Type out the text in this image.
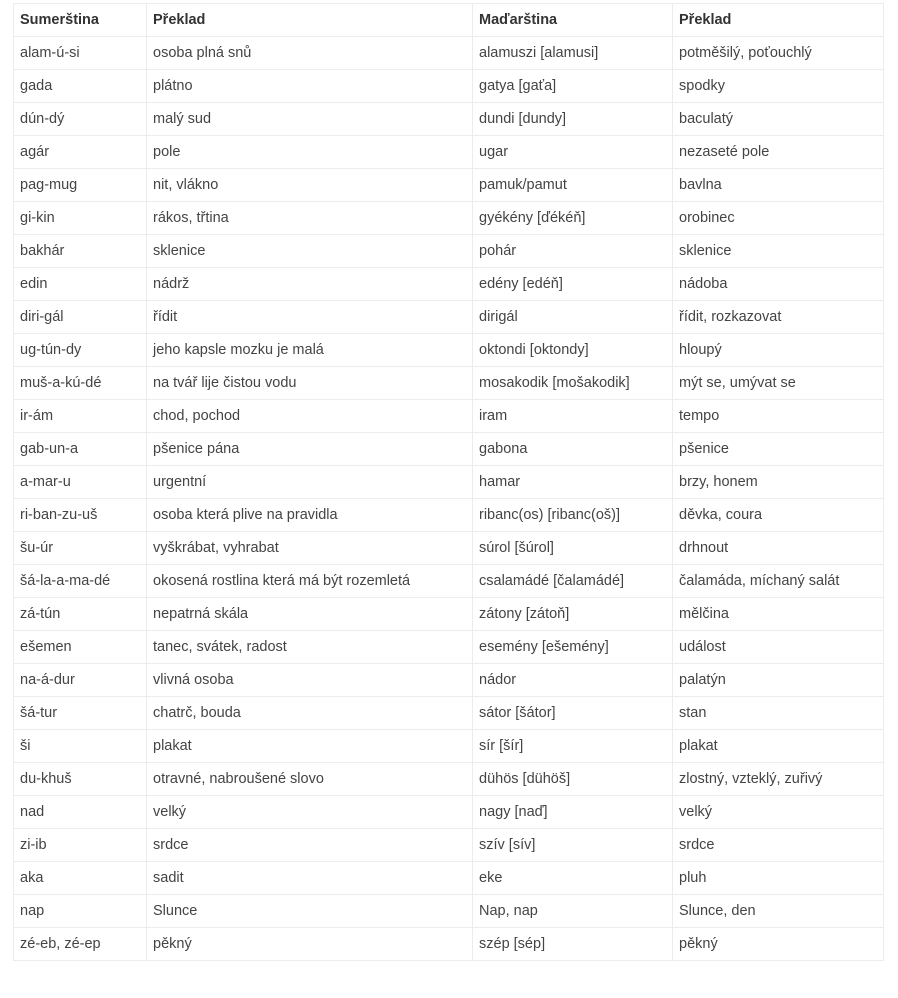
Sumerština	Překlad	Maďarština	Překlad
alam-ú-si	osoba plná snů	alamuszi [alamusi]	potměšilý, poťouchlý
gada	plátno	gatya [gaťa]	spodky
dún-dý	malý sud	dundi [dundy]	baculatý
agár	pole	ugar	nezaseté pole
pag-mug	nit, vlákno	pamuk/pamut	bavlna
gi-kin	rákos, třtina	gyékény [ďékéň]	orobinec
bakhár	sklenice	pohár	sklenice
edin	nádrž	edény [edéň]	nádoba
diri-gál	řídit	dirigál	řídit, rozkazovat
ug-tún-dy	jeho kapsle mozku je malá	oktondi [oktondy]	hloupý
muš-a-kú-dé	na tvář lije čistou vodu	mosakodik [mošakodik]	mýt se, umývat se
ir-ám	chod, pochod	iram	tempo
gab-un-a	pšenice pána	gabona	pšenice
a-mar-u	urgentní	hamar	brzy, honem
ri-ban-zu-uš	osoba která plive na pravidla	ribanc(os) [ribanc(oš)]	děvka, coura
šu-úr	vyškrábat, vyhrabat	súrol [šúrol]	drhnout
šá-la-a-ma-dé	okosená rostlina která má být rozemletá	csalamádé [čalamádé]	čalamáda, míchaný salát
zá-tún	nepatrná skála	zátony [zátoň]	mělčina
ešemen	tanec, svátek, radost	esemény [ešemény]	událost
na-á-dur	vlivná osoba	nádor	palatýn
šá-tur	chatrč, bouda	sátor [šátor]	stan
ši	plakat	sír [šír]	plakat
du-khuš	otravné, nabroušené slovo	dühös [dühöš]	zlostný, vzteklý, zuřivý
nad	velký	nagy [naď]	velký
zi-ib	srdce	szív [sív]	srdce
aka	sadit	eke	pluh
nap	Slunce	Nap, nap	Slunce, den
zé-eb, zé-ep	pěkný	szép [sép]	pěkný
